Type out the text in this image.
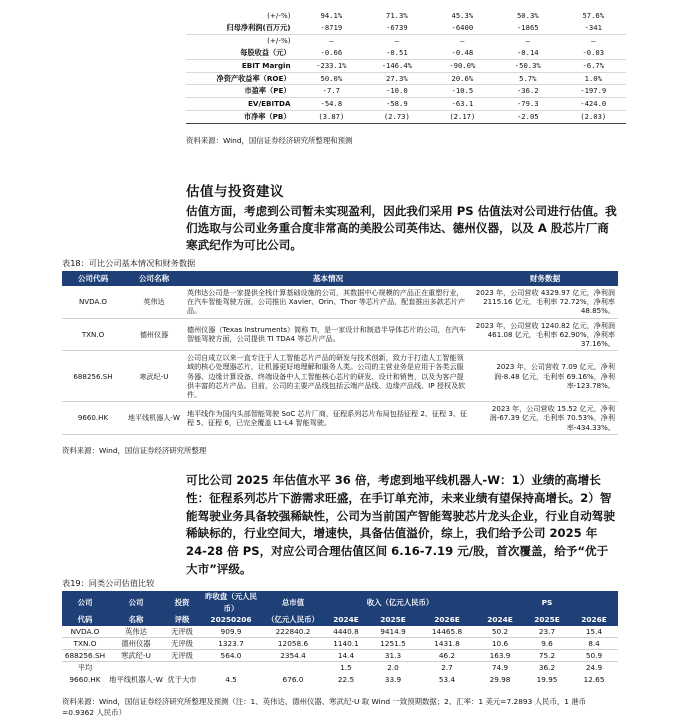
(+/-%)	94.1%	71.3%	45.3%	50.3%	57.6%
归母净利润(百万元)	-8719	-6739	-6400	-1865	-341
(+/-%)	—	—	—	—	—
每股收益（元）	-0.66	-0.51	-0.48	-0.14	-0.03
EBIT Margin	-233.1%	-146.4%	-90.0%	-50.3%	-6.7%
净资产收益率（ROE）	50.0%	27.3%	20.6%	5.7%	1.0%
市盈率（PE）	-7.7	-10.0	-10.5	-36.2	-197.9
EV/EBITDA	-54.8	-58.9	-63.1	-79.3	-424.0
市净率（PB）	(3.87)	(2.73)	(2.17)	-2.05	(2.03)
资料来源：Wind，国信证券经济研究所整理和预测
估值与投资建议
估值方面，考虑到公司暂未实现盈利，因此我们采用 PS 估值法对公司进行估值。我们选取与公司业务重合度非常高的美股公司英伟达、德州仪器，以及 A 股芯片厂商寒武纪作为可比公司。
表18：可比公司基本情况和财务数据
公司代码	公司名称	基本情况	财务数据
NVDA.O	英伟达	英伟达公司是一家提供全栈计算基础设施的公司，其数据中心规模的产品正在重塑行业，在汽车智能驾驶方面，公司推出 Xavier、Orin、Thor 等芯片产品，配套推出多款芯片产品。	2023 年，公司营收 4329.97 亿元，净利润 2115.16 亿元，毛利率 72.72%，净利率 48.85%。
TXN.O	德州仪器	德州仪器（Texas Instruments）简称 TI，是一家设计和制造半导体芯片的公司，在汽车智能驾驶方面，公司提供 TI TDA4 等芯片产品。	2023 年，公司营收 1240.82 亿元，净利润 461.08 亿元，毛利率 62.90%，净利率 37.16%。
688256.SH	寒武纪-U	公司自成立以来一直专注于人工智能芯片产品的研发与技术创新，致力于打造人工智能领域的核心处理器芯片，让机器更好地理解和服务人类。公司的主营业务是应用于各类云服务器、边缘计算设备、终端设备中人工智能核心芯片的研发、设计和销售，以及为客户提供丰富的芯片产品。目前，公司的主要产品线包括云端产品线、边缘产品线、IP 授权及软件。	2023 年，公司营收 7.09 亿元，净利润-8.48 亿元，毛利率 69.16%，净利率-123.78%。
9660.HK	地平线机器人-W	地平线作为国内头部智能驾驶 SoC 芯片厂商，征程系列芯片布局包括征程 2、征程 3、征程 5、征程 6，已完全覆盖 L1-L4 智能驾驶。	2023 年，公司营收 15.52 亿元，净利润-67.39 亿元，毛利率 70.53%，净利率-434.33%。
资料来源：Wind，国信证券经济研究所整理
可比公司 2025 年估值水平 36 倍，考虑到地平线机器人-W：1）业绩的高增长性：征程系列芯片下游需求旺盛，在手订单充沛，未来业绩有望保持高增长。2）智能驾驶业务具备较强稀缺性，公司为当前国产智能驾驶芯片龙头企业，行业自动驾驶稀缺标的，行业空间大，增速快，具备估值溢价，综上，我们给予公司 2025 年 24-28 倍 PS，对应公司合理估值区间 6.16-7.19 元/股，首次覆盖，给予“优于大市”评级。
表19：同类公司估值比较
公司	公司	投资	昨收盘（元人民币）	总市值	收入（亿元人民币）			PS		
代码	名称	评级	20250206	（亿元人民币）	2024E	2025E	2026E	2024E	2025E	2026E
NVDA.O	英伟达	无评级	909.9	222840.2	4440.8	9414.9	14465.8	50.2	23.7	15.4
TXN.O	德州仪器	无评级	1323.7	12058.6	1140.1	1251.5	1431.8	10.6	9.6	8.4
688256.SH	寒武纪-U	无评级	564.0	2354.4	14.4	31.3	46.2	163.9	75.2	50.9
平均					1.5	2.0	2.7	74.9	36.2	24.9
9660.HK	地平线机器人-W	优于大市	4.5	676.0	22.5	33.9	53.4	29.98	19.95	12.65
资料来源：Wind，国信证券经济研究所整理及预测（注：1、英伟达、德州仪器、寒武纪-U 取 Wind 一致预期数据；2、汇率：1 美元=7.2893 人民币，1 港币=0.9362 人民币）
